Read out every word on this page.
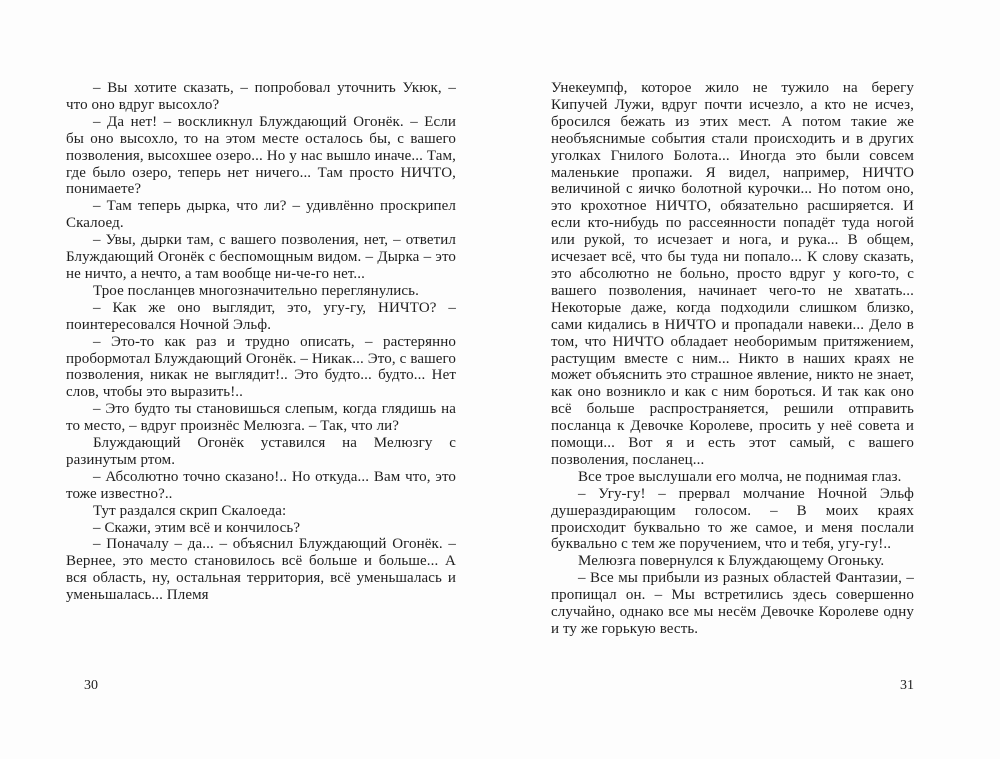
– Вы хотите сказать, – попробовал уточнить Укюк, – что оно вдруг высохло?

– Да нет! – воскликнул Блуждающий Огонёк. – Если бы оно высохло, то на этом месте осталось бы, с вашего позволения, высохшее озеро... Но у нас вышло иначе... Там, где было озеро, теперь нет ничего... Там просто НИЧТО, понимаете?

– Там теперь дырка, что ли? – удивлённо проскрипел Скалоед.

– Увы, дырки там, с вашего позволения, нет, – ответил Блуждающий Огонёк с беспомощным видом. – Дырка – это не ничто, а нечто, а там вообще ни-че-го нет...

Трое посланцев многозначительно переглянулись.

– Как же оно выглядит, это, угу-гу, НИЧТО? – поинтересовался Ночной Эльф.

– Это-то как раз и трудно описать, – растерянно пробормотал Блуждающий Огонёк. – Никак... Это, с вашего позволения, никак не выглядит!.. Это будто... будто... Нет слов, чтобы это выразить!..

– Это будто ты становишься слепым, когда глядишь на то место, – вдруг произнёс Мелюзга. – Так, что ли?

Блуждающий Огонёк уставился на Мелюзгу с разинутым ртом.

– Абсолютно точно сказано!.. Но откуда... Вам что, это тоже известно?..

Тут раздался скрип Скалоеда:

– Скажи, этим всё и кончилось?

– Поначалу – да... – объяснил Блуждающий Огонёк. – Вернее, это место становилось всё больше и больше... А вся область, ну, остальная территория, всё уменьшалась и уменьшалась... Племя

Унекеумпф, которое жило не тужило на берегу Кипучей Лужи, вдруг почти исчезло, а кто не исчез, бросился бежать из этих мест. А потом такие же необъяснимые события стали происходить и в других уголках Гнилого Болота... Иногда это были совсем маленькие пропажи. Я видел, например, НИЧТО величиной с яичко болотной курочки... Но потом оно, это крохотное НИЧТО, обязательно расширяется. И если кто-нибудь по рассеянности попадёт туда ногой или рукой, то исчезает и нога, и рука... В общем, исчезает всё, что бы туда ни попало... К слову сказать, это абсолютно не больно, просто вдруг у кого-то, с вашего позволения, начинает чего-то не хватать... Некоторые даже, когда подходили слишком близко, сами кидались в НИЧТО и пропадали навеки... Дело в том, что НИЧТО обладает необоримым притяжением, растущим вместе с ним... Никто в наших краях не может объяснить это страшное явление, никто не знает, как оно возникло и как с ним бороться. И так как оно всё больше распространяется, решили отправить посланца к Девочке Королеве, просить у неё совета и помощи... Вот я и есть этот самый, с вашего позволения, посланец...

Все трое выслушали его молча, не поднимая глаз.

– Угу-гу! – прервал молчание Ночной Эльф душераздирающим голосом. – В моих краях происходит буквально то же самое, и меня послали буквально с тем же поручением, что и тебя, угу-гу!..

Мелюзга повернулся к Блуждающему Огоньку.

– Все мы прибыли из разных областей Фантазии, – пропищал он. – Мы встретились здесь совершенно случайно, однако все мы несём Девочке Королеве одну и ту же горькую весть.

30	31
